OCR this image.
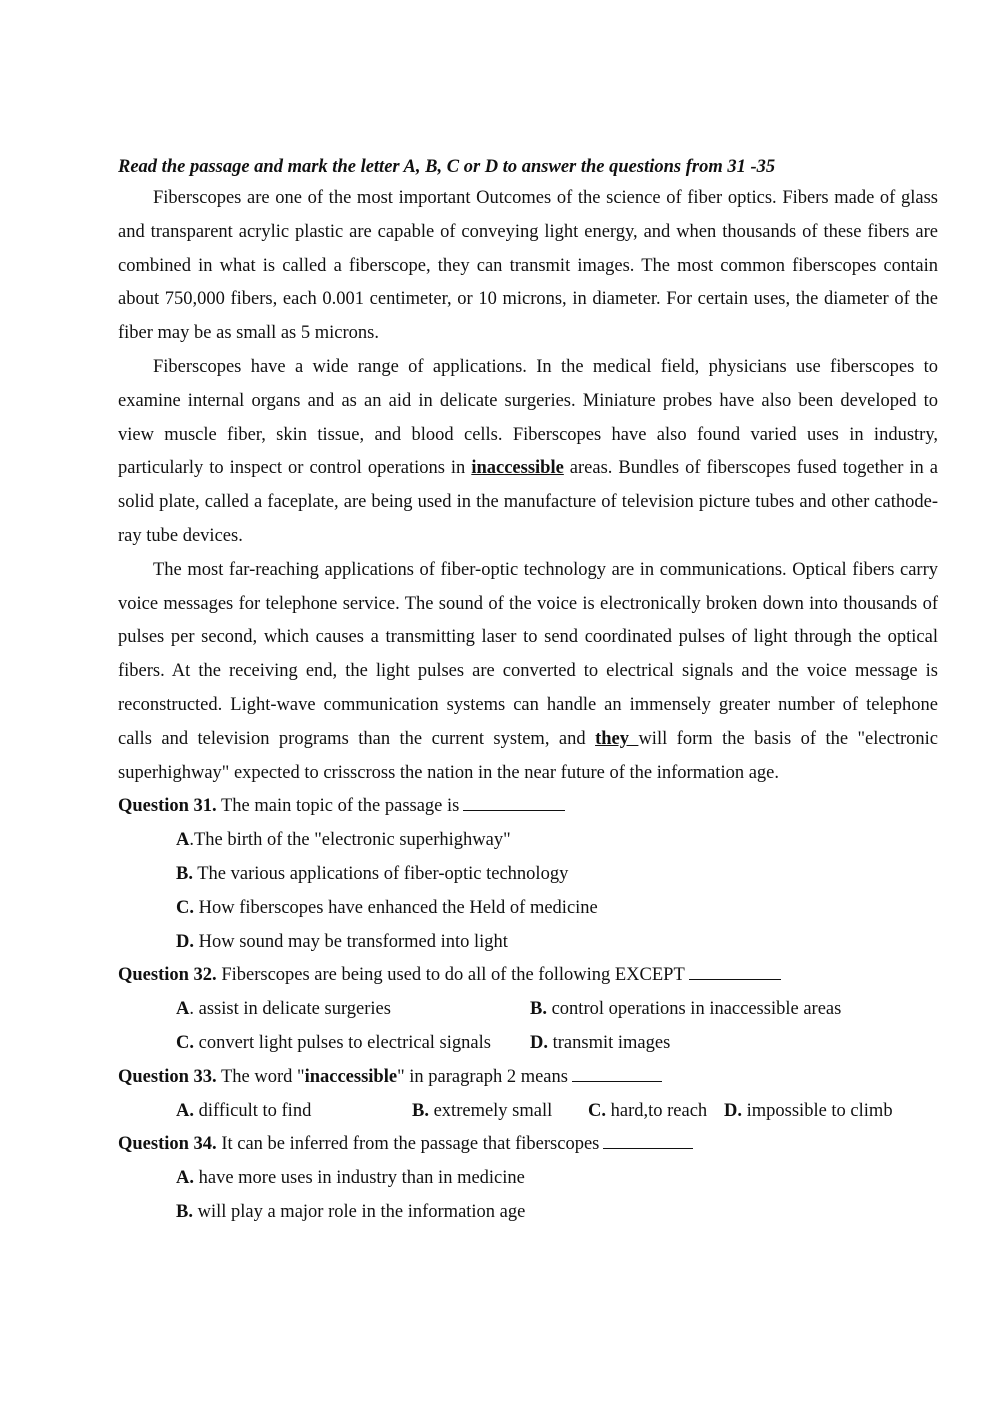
Read the passage and mark the letter A, B, C or D to answer the questions from 31 -35

Fiberscopes are one of the most important Outcomes of the science of fiber optics. Fibers made of glass and transparent acrylic plastic are capable of conveying light energy, and when thousands of these fibers are combined in what is called a fiberscope, they can transmit images. The most common fiberscopes contain about 750,000 fibers, each 0.001 centimeter, or 10 microns, in diameter. For certain uses, the diameter of the fiber may be as small as 5 microns.

Fiberscopes have a wide range of applications. In the medical field, physicians use fiberscopes to examine internal organs and as an aid in delicate surgeries. Miniature probes have also been developed to view muscle fiber, skin tissue, and blood cells. Fiberscopes have also found varied uses in industry, particularly to inspect or control operations in inaccessible areas. Bundles of fiberscopes fused together in a solid plate, called a faceplate, are being used in the manufacture of television picture tubes and other cathode-ray tube devices.

The most far-reaching applications of fiber-optic technology are in communications. Optical fibers carry voice messages for telephone service. The sound of the voice is electronically broken down into thousands of pulses per second, which causes a transmitting laser to send coordinated pulses of light through the optical fibers. At the receiving end, the light pulses are converted to electrical signals and the voice message is reconstructed. Light-wave communication systems can handle an immensely greater number of telephone calls and television programs than the current system, and they will form the basis of the "electronic superhighway" expected to crisscross the nation in the near future of the information age.

Question 31. The main topic of the passage is

A.The birth of the "electronic superhighway"
B. The various applications of fiber-optic technology
C. How fiberscopes have enhanced the Held of medicine
D. How sound may be transformed into light

Question 32. Fiberscopes are being used to do all of the following EXCEPT

A. assist in delicate surgeries	B. control operations in inaccessible areas
C. convert light pulses to electrical signals D. transmit images

Question 33. The word "inaccessible" in paragraph 2 means

A. difficult to find	B. extremely small C. hard,to reach D. impossible to climb

Question 34. It can be inferred from the passage that fiberscopes

A. have more uses in industry than in medicine
B. will play a major role in the information age
